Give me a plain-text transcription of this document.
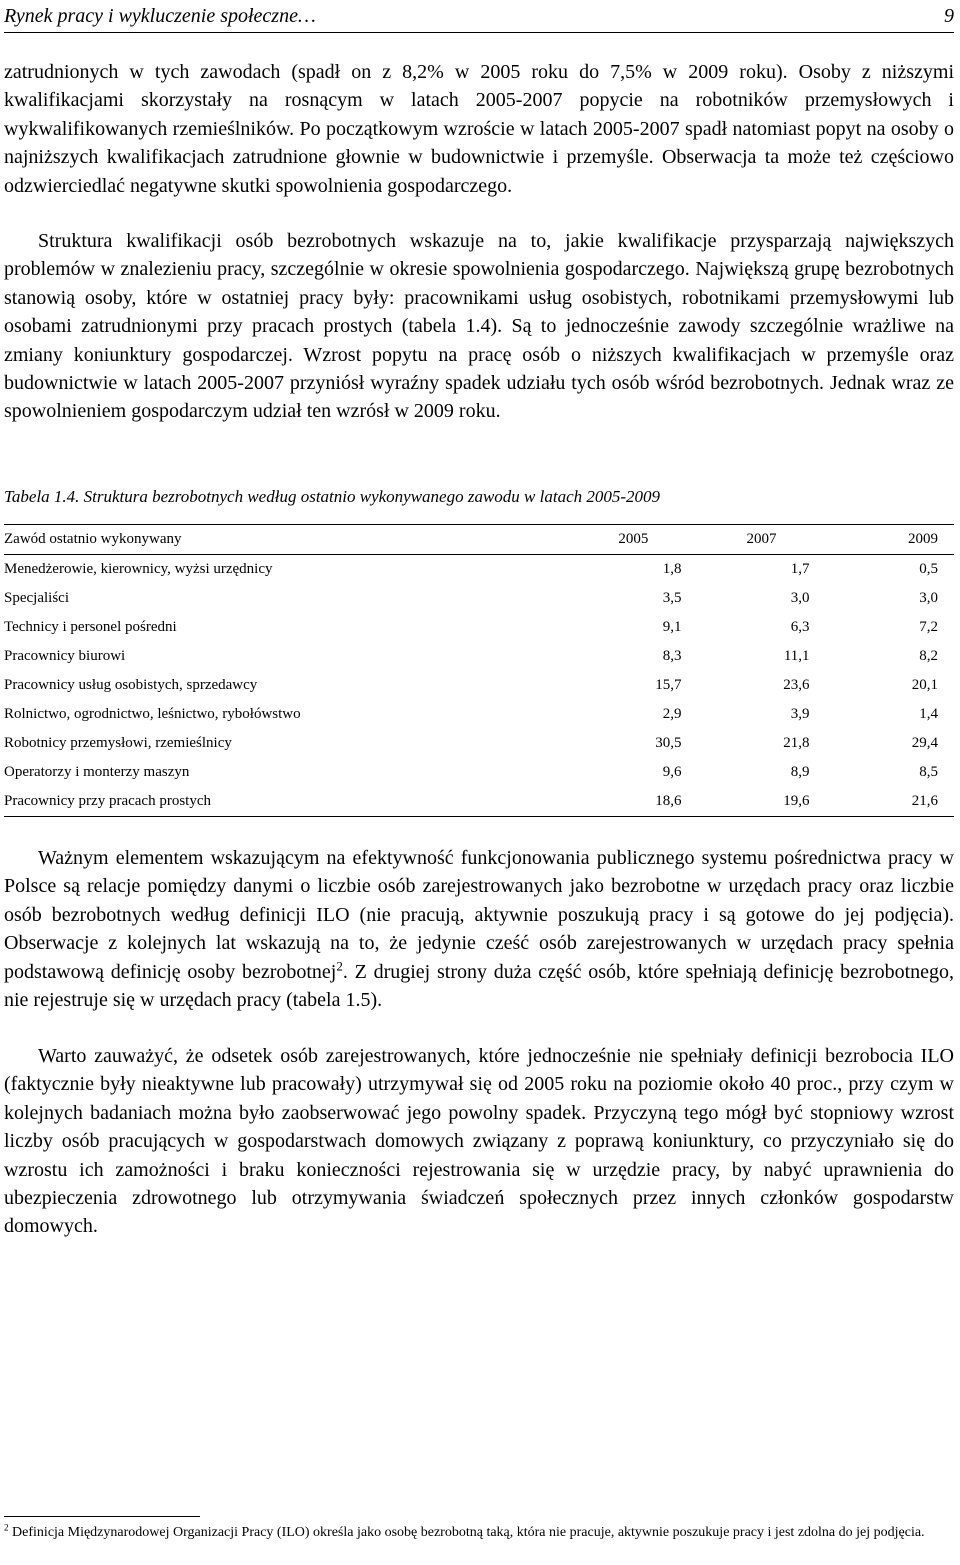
Rynek pracy i wykluczenie społeczne…	9

zatrudnionych w tych zawodach (spadł on z 8,2% w 2005 roku do 7,5% w 2009 roku). Osoby z niższymi kwalifikacjami skorzystały na rosnącym w latach 2005-2007 popycie na robotników przemysłowych i wykwalifikowanych rzemieślników. Po początkowym wzroście w latach 2005-2007 spadł natomiast popyt na osoby o najniższych kwalifikacjach zatrudnione głownie w budownictwie i przemyśle. Obserwacja ta może też częściowo odzwierciedlać negatywne skutki spowolnienia gospodarczego.

Struktura kwalifikacji osób bezrobotnych wskazuje na to, jakie kwalifikacje przysparzają największych problemów w znalezieniu pracy, szczególnie w okresie spowolnienia gospodarczego. Największą grupę bezrobotnych stanowią osoby, które w ostatniej pracy były: pracownikami usług osobistych, robotnikami przemysłowymi lub osobami zatrudnionymi przy pracach prostych (tabela 1.4). Są to jednocześnie zawody szczególnie wrażliwe na zmiany koniunktury gospodarczej. Wzrost popytu na pracę osób o niższych kwalifikacjach w przemyśle oraz budownictwie w latach 2005-2007 przyniósł wyraźny spadek udziału tych osób wśród bezrobotnych. Jednak wraz ze spowolnieniem gospodarczym udział ten wzrósł w 2009 roku.

Tabela 1.4. Struktura bezrobotnych według ostatnio wykonywanego zawodu w latach 2005-2009
Zawód ostatnio wykonywany	2005	2007	2009
Menedżerowie, kierownicy, wyżsi urzędnicy	1,8	1,7	0,5
Specjaliści	3,5	3,0	3,0
Technicy i personel pośredni	9,1	6,3	7,2
Pracownicy biurowi	8,3	11,1	8,2
Pracownicy usług osobistych, sprzedawcy	15,7	23,6	20,1
Rolnictwo, ogrodnictwo, leśnictwo, rybołówstwo	2,9	3,9	1,4
Robotnicy przemysłowi, rzemieślnicy	30,5	21,8	29,4
Operatorzy i monterzy maszyn	9,6	8,9	8,5
Pracownicy przy pracach prostych	18,6	19,6	21,6

Ważnym elementem wskazującym na efektywność funkcjonowania publicznego systemu pośrednictwa pracy w Polsce są relacje pomiędzy danymi o liczbie osób zarejestrowanych jako bezrobotne w urzędach pracy oraz liczbie osób bezrobotnych według definicji ILO (nie pracują, aktywnie poszukują pracy i są gotowe do jej podjęcia). Obserwacje z kolejnych lat wskazują na to, że jedynie cześć osób zarejestrowanych w urzędach pracy spełnia podstawową definicję osoby bezrobotnej$^2$. Z drugiej strony duża część osób, które spełniają definicję bezrobotnego, nie rejestruje się w urzędach pracy (tabela 1.5).

Warto zauważyć, że odsetek osób zarejestrowanych, które jednocześnie nie spełniały definicji bezrobocia ILO (faktycznie były nieaktywne lub pracowały) utrzymywał się od 2005 roku na poziomie około 40 proc., przy czym w kolejnych badaniach można było zaobserwować jego powolny spadek. Przyczyną tego mógł być stopniowy wzrost liczby osób pracujących w gospodarstwach domowych związany z poprawą koniunktury, co przyczyniało się do wzrostu ich zamożności i braku konieczności rejestrowania się w urzędzie pracy, by nabyć uprawnienia do ubezpieczenia zdrowotnego lub otrzymywania świadczeń społecznych przez innych członków gospodarstw domowych.

$^2$ Definicja Międzynarodowej Organizacji Pracy (ILO) określa jako osobę bezrobotną taką, która nie pracuje, aktywnie poszukuje pracy i jest zdolna do jej podjęcia.
